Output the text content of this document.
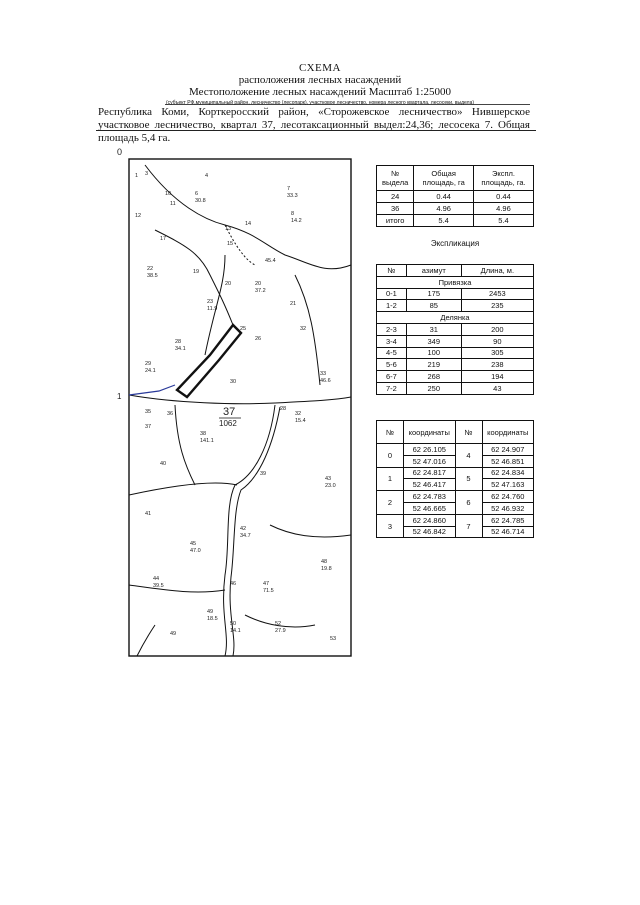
СХЕМА
расположения лесных насаждений
Местоположение лесных насаждений Масштаб 1:25000
(субъект РФ,муниципальный район, лесничество (лесопарк), участковое лесничество, номера лесного квартала, лесосеки, выдела)
Республика Коми, Корткеросский район, «Сторожевское лесничество» Нившерское участковое лесничество, квартал 37, лесотаксационный выдел:24,36; лесосека 7. Общая площадь 5,4 га.
№ выдела	Общая площадь, га	Экспл. площадь, га.
24	0.44	0.44
36	4.96	4.96
итого	5.4	5.4
Экспликация
№	азимут	Длина, м.
Привязка		
0-1	175	2453
1-2	85	235
Делянка		
2-3	31	200
3-4	349	90
4-5	100	305
5-6	219	238
6-7	268	194
7-2	250	43
№	координаты	№	координаты
0	62 26.105	4	62 24.907
	52 47.016		52 46.851
1	62 24.817	5	62 24.834
	52 46.417		52 47.163
2	62 24.783	6	62 24.760
	52 46.665		52 46.932
3	62 24.860	7	62 24.785
	52 46.842		52 46.714
0
1
37
1062
1 3	4
6
30.8
7
33.3
8
14.2
10
11
13
14
15
12
17
19
20	20
37.2
21
22
38.5
23
11.9
25
26
28
34.1
29
24.1
45.4
30
32
33
46.6
35	36
37
38
141.1
39
40
41
43
23.0
44
39.5
45
47.0
42
34.7
46	47
71.5
48
19.8
49
18.5
50
14.1
52
27.9
49
53
28
32
15.4
